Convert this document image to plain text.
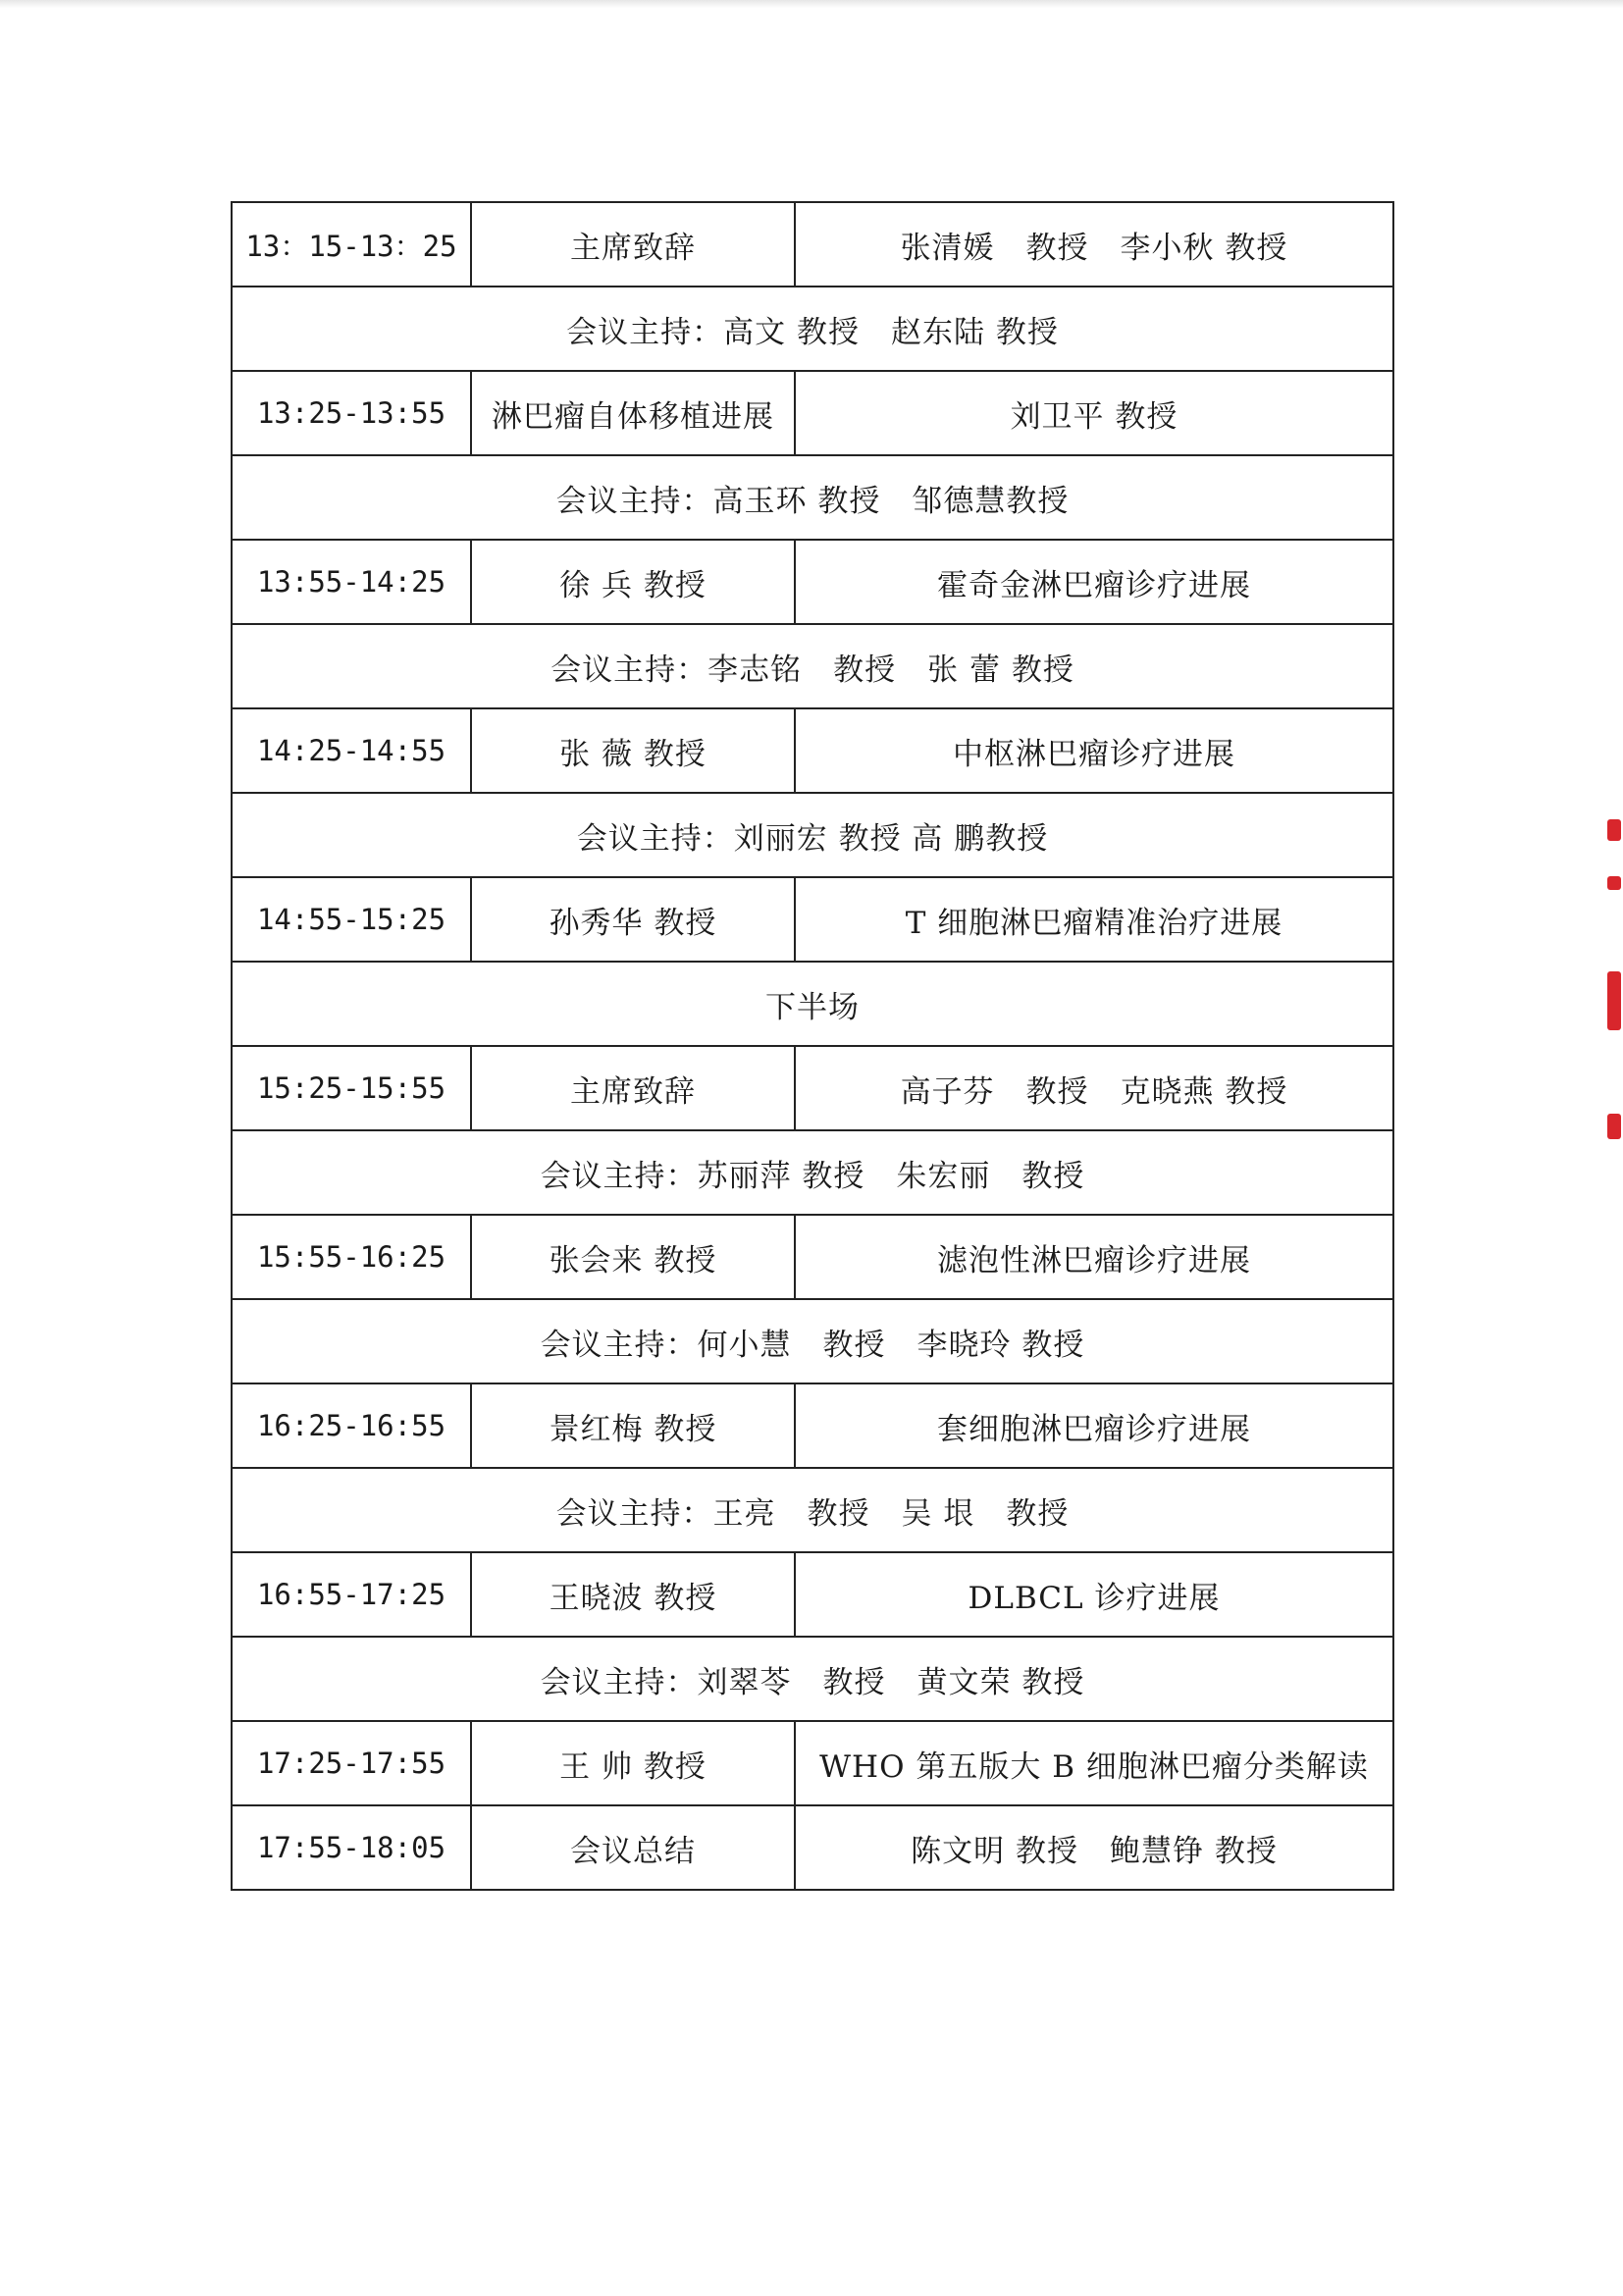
13：15-13：25	主席致辞	张清媛　教授　李小秋 教授
会议主持：高文 教授　赵东陆 教授		
13:25-13:55	淋巴瘤自体移植进展	刘卫平 教授
会议主持：高玉环 教授　邹德慧教授		
13:55-14:25	徐 兵 教授	霍奇金淋巴瘤诊疗进展
会议主持：李志铭　教授　张 蕾 教授		
14:25-14:55	张 薇 教授	中枢淋巴瘤诊疗进展
会议主持：刘丽宏 教授 高 鹏教授		
14:55-15:25	孙秀华 教授	T 细胞淋巴瘤精准治疗进展
下半场		
15:25-15:55	主席致辞	高子芬　教授　克晓燕 教授
会议主持：苏丽萍 教授　朱宏丽　教授		
15:55-16:25	张会来 教授	滤泡性淋巴瘤诊疗进展
会议主持：何小慧　教授　李晓玲 教授		
16:25-16:55	景红梅 教授	套细胞淋巴瘤诊疗进展
会议主持：王亮　教授　吴 垠　教授		
16:55-17:25	王晓波 教授	DLBCL 诊疗进展
会议主持：刘翠苓　教授　黄文荣 教授		
17:25-17:55	王 帅 教授	WHO 第五版大 B 细胞淋巴瘤分类解读
17:55-18:05	会议总结	陈文明 教授　鲍慧铮 教授
